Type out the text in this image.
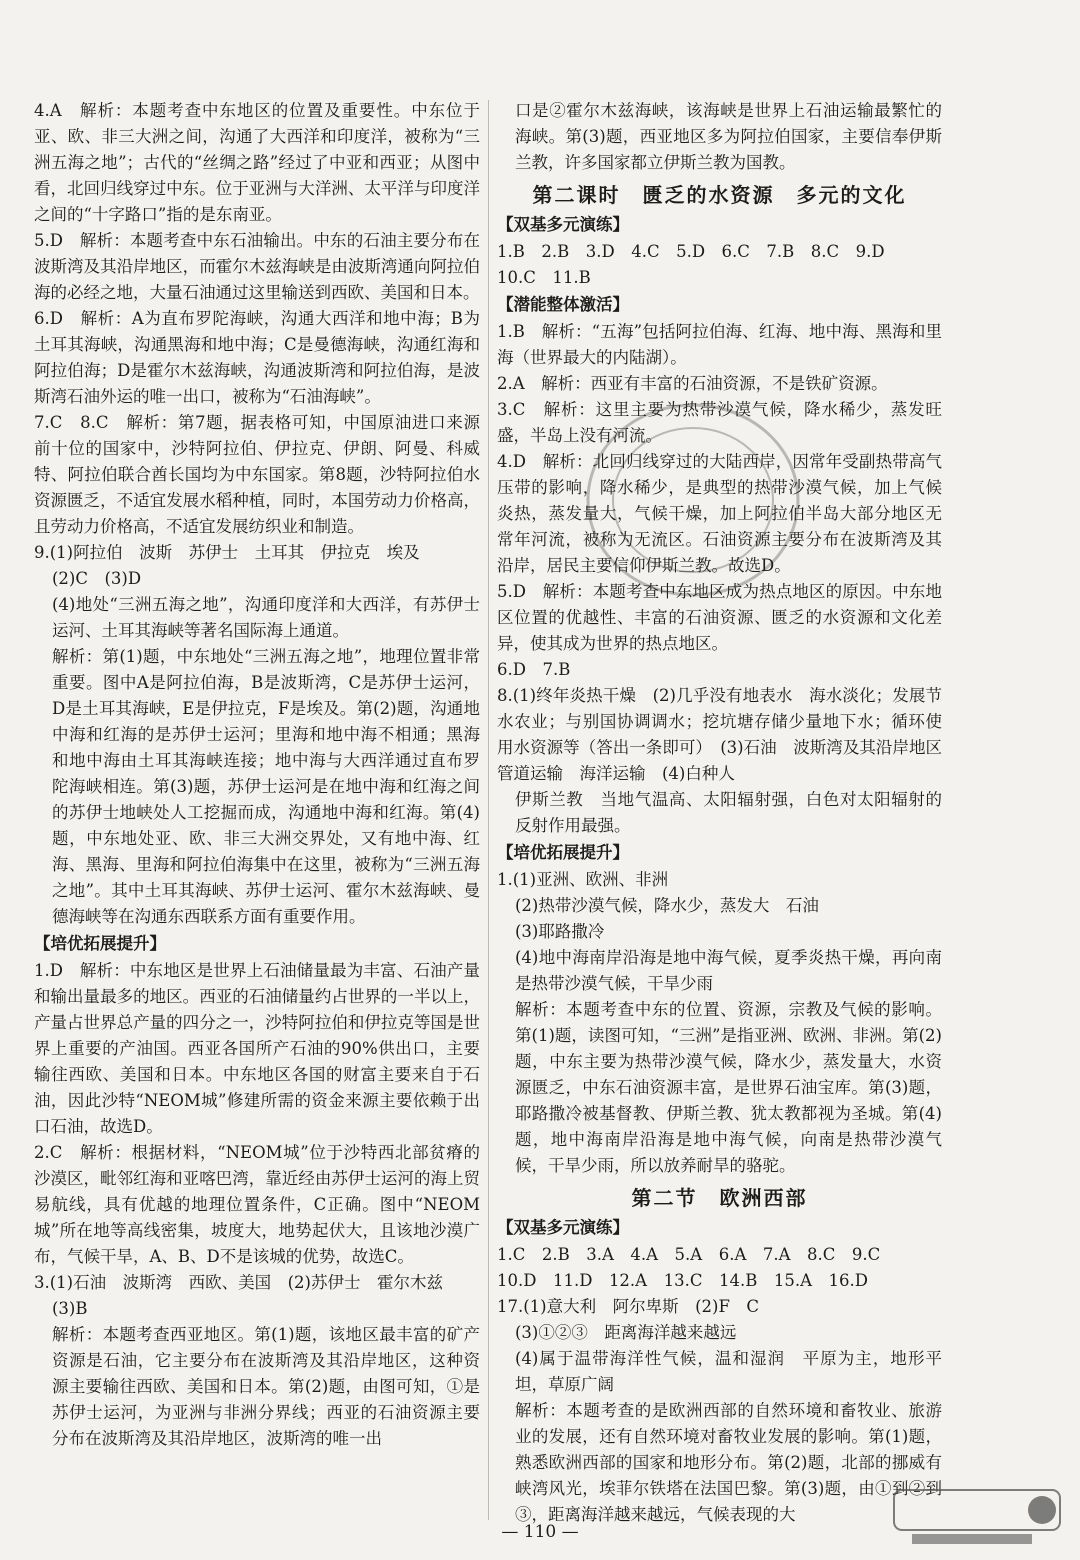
4.A　解析：本题考查中东地区的位置及重要性。中东位于亚、欧、非三大洲之间，沟通了大西洋和印度洋，被称为“三洲五海之地”；古代的“丝绸之路”经过了中亚和西亚；从图中看，北回归线穿过中东。位于亚洲与大洋洲、太平洋与印度洋之间的“十字路口”指的是东南亚。

5.D　解析：本题考查中东石油输出。中东的石油主要分布在波斯湾及其沿岸地区，而霍尔木兹海峡是由波斯湾通向阿拉伯海的必经之地，大量石油通过这里输送到西欧、美国和日本。

6.D　解析：A为直布罗陀海峡，沟通大西洋和地中海；B为土耳其海峡，沟通黑海和地中海；C是曼德海峡，沟通红海和阿拉伯海；D是霍尔木兹海峡，沟通波斯湾和阿拉伯海，是波斯湾石油外运的唯一出口，被称为“石油海峡”。

7.C　8.C　解析：第7题，据表格可知，中国原油进口来源前十位的国家中，沙特阿拉伯、伊拉克、伊朗、阿曼、科威特、阿拉伯联合酋长国均为中东国家。第8题，沙特阿拉伯水资源匮乏，不适宜发展水稻种植，同时，本国劳动力价格高，且劳动力价格高，不适宜发展纺织业和制造。

9.(1)阿拉伯　波斯　苏伊士　土耳其　伊拉克　埃及

(2)C　(3)D

(4)地处“三洲五海之地”，沟通印度洋和大西洋，有苏伊士运河、土耳其海峡等著名国际海上通道。

解析：第(1)题，中东地处“三洲五海之地”，地理位置非常重要。图中A是阿拉伯海，B是波斯湾，C是苏伊士运河，D是土耳其海峡，E是伊拉克，F是埃及。第(2)题，沟通地中海和红海的是苏伊士运河；里海和地中海不相通；黑海和地中海由土耳其海峡连接；地中海与大西洋通过直布罗陀海峡相连。第(3)题，苏伊士运河是在地中海和红海之间的苏伊士地峡处人工挖掘而成，沟通地中海和红海。第(4)题，中东地处亚、欧、非三大洲交界处，又有地中海、红海、黑海、里海和阿拉伯海集中在这里，被称为“三洲五海之地”。其中土耳其海峡、苏伊士运河、霍尔木兹海峡、曼德海峡等在沟通东西联系方面有重要作用。

【培优拓展提升】

1.D　解析：中东地区是世界上石油储量最为丰富、石油产量和输出量最多的地区。西亚的石油储量约占世界的一半以上，产量占世界总产量的四分之一，沙特阿拉伯和伊拉克等国是世界上重要的产油国。西亚各国所产石油的90%供出口，主要输往西欧、美国和日本。中东地区各国的财富主要来自于石油，因此沙特“NEOM城”修建所需的资金来源主要依赖于出口石油，故选D。

2.C　解析：根据材料，“NEOM城”位于沙特西北部贫瘠的沙漠区，毗邻红海和亚喀巴湾，靠近经由苏伊士运河的海上贸易航线，具有优越的地理位置条件，C正确。图中“NEOM城”所在地等高线密集，坡度大，地势起伏大，且该地沙漠广布，气候干旱，A、B、D不是该城的优势，故选C。

3.(1)石油　波斯湾　西欧、美国　(2)苏伊士　霍尔木兹

(3)B

解析：本题考查西亚地区。第(1)题，该地区最丰富的矿产资源是石油，它主要分布在波斯湾及其沿岸地区，这种资源主要输往西欧、美国和日本。第(2)题，由图可知，①是苏伊士运河，为亚洲与非洲分界线；西亚的石油资源主要分布在波斯湾及其沿岸地区，波斯湾的唯一出

口是②霍尔木兹海峡，该海峡是世界上石油运输最繁忙的海峡。第(3)题，西亚地区多为阿拉伯国家，主要信奉伊斯兰教，许多国家都立伊斯兰教为国教。

第二课时　匮乏的水资源　多元的文化

【双基多元演练】

1.B　2.B　3.D　4.C　5.D　6.C　7.B　8.C　9.D

10.C　11.B

【潜能整体激活】

1.B　解析：“五海”包括阿拉伯海、红海、地中海、黑海和里海（世界最大的内陆湖）。

2.A　解析：西亚有丰富的石油资源，不是铁矿资源。

3.C　解析：这里主要为热带沙漠气候，降水稀少，蒸发旺盛，半岛上没有河流。

4.D　解析：北回归线穿过的大陆西岸，因常年受副热带高气压带的影响，降水稀少，是典型的热带沙漠气候，加上气候炎热，蒸发量大，气候干燥，加上阿拉伯半岛大部分地区无常年河流，被称为无流区。石油资源主要分布在波斯湾及其沿岸，居民主要信仰伊斯兰教。故选D。

5.D　解析：本题考查中东地区成为热点地区的原因。中东地区位置的优越性、丰富的石油资源、匮乏的水资源和文化差异，使其成为世界的热点地区。

6.D　7.B

8.(1)终年炎热干燥　(2)几乎没有地表水　海水淡化；发展节水农业；与别国协调调水；挖坑塘存储少量地下水；循环使用水资源等（答出一条即可）　(3)石油　波斯湾及其沿岸地区　管道运输　海洋运输　(4)白种人

伊斯兰教　当地气温高、太阳辐射强，白色对太阳辐射的反射作用最强。

【培优拓展提升】

1.(1)亚洲、欧洲、非洲

(2)热带沙漠气候，降水少，蒸发大　石油

(3)耶路撒冷

(4)地中海南岸沿海是地中海气候，夏季炎热干燥，再向南是热带沙漠气候，干旱少雨

解析：本题考查中东的位置、资源，宗教及气候的影响。第(1)题，读图可知，“三洲”是指亚洲、欧洲、非洲。第(2)题，中东主要为热带沙漠气候，降水少，蒸发量大，水资源匮乏，中东石油资源丰富，是世界石油宝库。第(3)题，耶路撒冷被基督教、伊斯兰教、犹太教都视为圣城。第(4)题，地中海南岸沿海是地中海气候，向南是热带沙漠气候，干旱少雨，所以放养耐旱的骆驼。

第二节　欧洲西部

【双基多元演练】

1.C　2.B　3.A　4.A　5.A　6.A　7.A　8.C　9.C

10.D　11.D　12.A　13.C　14.B　15.A　16.D

17.(1)意大利　阿尔卑斯　(2)F　C

(3)①②③　距离海洋越来越远

(4)属于温带海洋性气候，温和湿润　平原为主，地形平坦，草原广阔

解析：本题考查的是欧洲西部的自然环境和畜牧业、旅游业的发展，还有自然环境对畜牧业发展的影响。第(1)题，熟悉欧洲西部的国家和地形分布。第(2)题，北部的挪威有峡湾风光，埃菲尔铁塔在法国巴黎。第(3)题，由①到②到③，距离海洋越来越远，气候表现的大

— 110 —
